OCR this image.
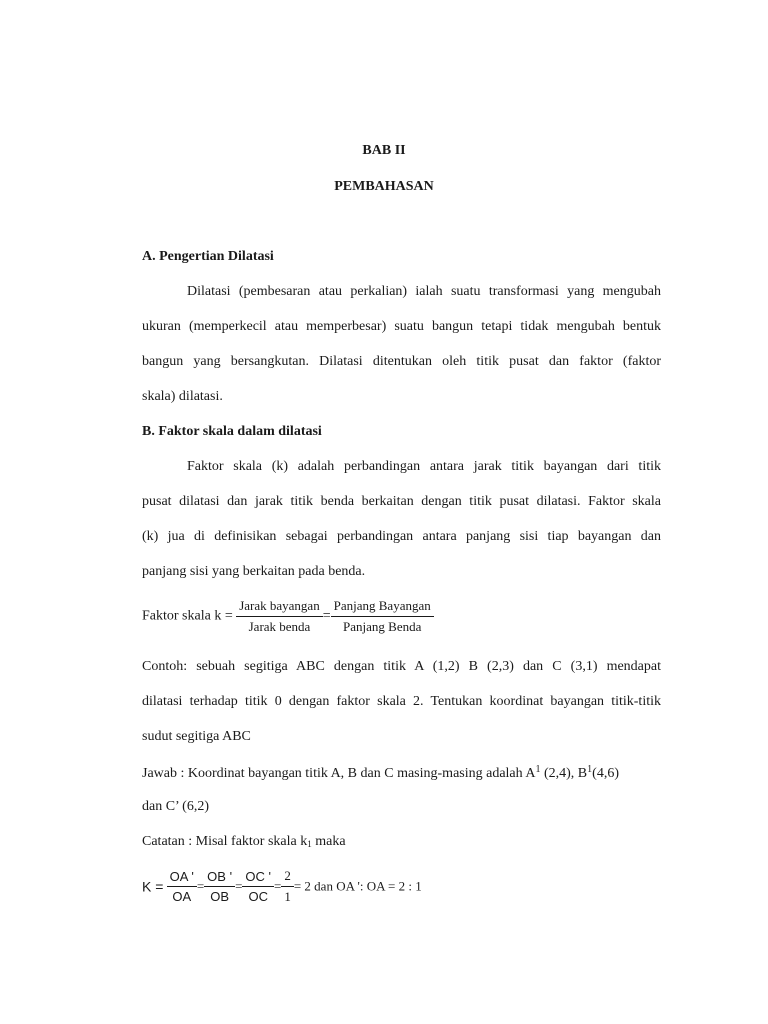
BAB II
PEMBAHASAN
A. Pengertian Dilatasi
Dilatasi (pembesaran atau perkalian) ialah suatu transformasi yang mengubah
ukuran (memperkecil atau memperbesar) suatu bangun tetapi tidak mengubah bentuk
bangun yang bersangkutan. Dilatasi ditentukan oleh titik pusat dan faktor (faktor
skala) dilatasi.
B. Faktor skala dalam dilatasi
Faktor skala (k) adalah perbandingan antara jarak titik bayangan dari titik
pusat dilatasi dan jarak titik benda berkaitan dengan titik pusat dilatasi. Faktor skala
(k) jua di definisikan sebagai perbandingan antara panjang sisi tiap bayangan dan
panjang sisi yang berkaitan pada benda.
Faktor skala $k = \frac{\text{Jarak bayangan}}{\text{Jarak benda}} = \frac{\text{Panjang Bayangan}}{\text{Panjang Benda}}$
Contoh: sebuah segitiga ABC dengan titik A (1,2) B (2,3) dan C (3,1) mendapat
dilatasi terhadap titik 0 dengan faktor skala 2. Tentukan koordinat bayangan titik-titik
sudut segitiga ABC
Jawab : Koordinat bayangan titik A, B dan C masing-masing adalah $A^1$ (2,4), $B^1(4,6)$
dan C’ (6,2)
Catatan : Misal faktor skala $k_1$ maka
$K = \frac{OA '}{OA} = \frac{OB '}{OB} = \frac{OC '}{OC} = \frac{2}{1} = 2$ dan OA ': OA = 2 : 1
